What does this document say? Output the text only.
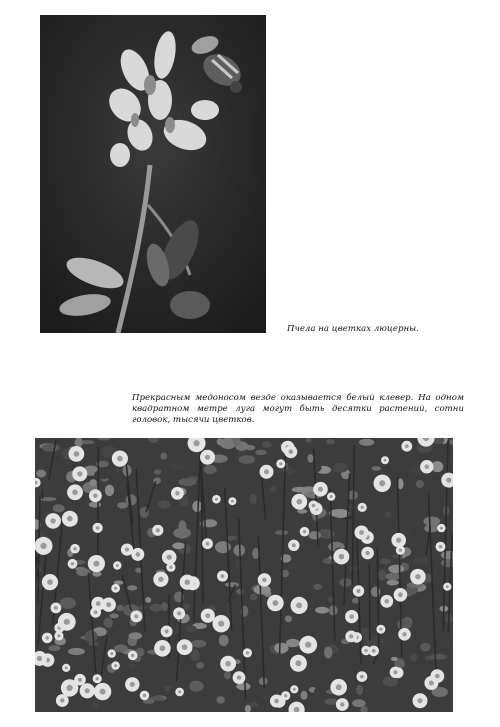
Пчела на цветках люцерны.

Прекрасным медоносом везде оказывается белый клевер. На одном квадратном метре луга могут быть десятки растений, сотни головок, тысячи цветков.
